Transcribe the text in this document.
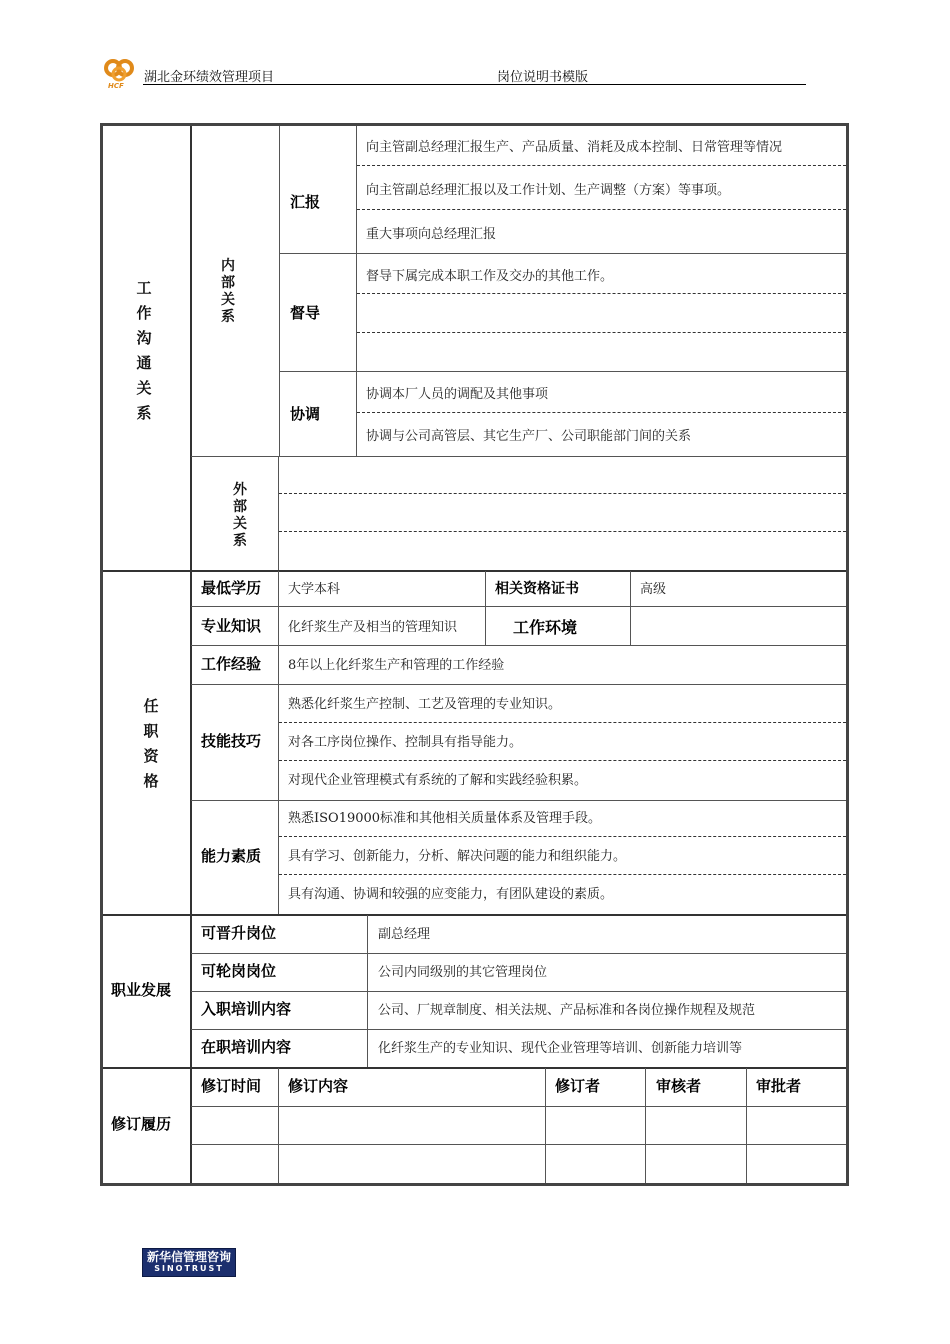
HCF
湖北金环绩效管理项目	岗位说明书模版
工作沟通关系
内部关系
汇报
向主管副总经理汇报生产、产品质量、消耗及成本控制、日常管理等情况
向主管副总经理汇报以及工作计划、生产调整（方案）等事项。
重大事项向总经理汇报
督导
督导下属完成本职工作及交办的其他工作。
协调
协调本厂人员的调配及其他事项
协调与公司高管层、其它生产厂、公司职能部门间的关系
外部关系
任职资格
最低学历 大学本科	相关资格证书	高级
专业知识 化纤浆生产及相当的管理知识	工作环境
工作经验 8年以上化纤浆生产和管理的工作经验
技能技巧
熟悉化纤浆生产控制、工艺及管理的专业知识。
对各工序岗位操作、控制具有指导能力。
对现代企业管理模式有系统的了解和实践经验积累。
能力素质
熟悉ISO19000标准和其他相关质量体系及管理手段。
具有学习、创新能力，分析、解决问题的能力和组织能力。
具有沟通、协调和较强的应变能力，有团队建设的素质。
职业发展
可晋升岗位	副总经理
可轮岗岗位	公司内同级别的其它管理岗位
入职培训内容	公司、厂规章制度、相关法规、产品标准和各岗位操作规程及规范
在职培训内容	化纤浆生产的专业知识、现代企业管理等培训、创新能力培训等
修订履历
修订时间 修订内容	修订者	审核者	审批者
新华信管理咨询
SINOTRUST
